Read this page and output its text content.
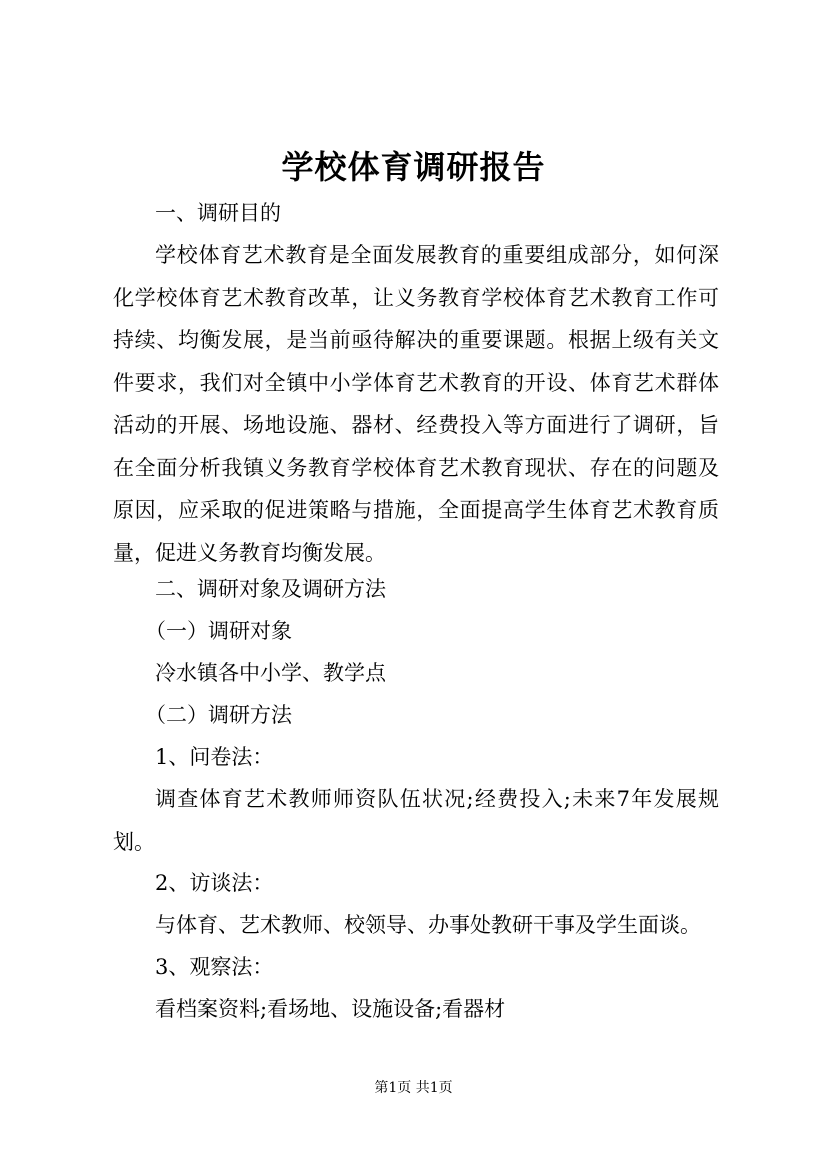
学校体育调研报告
一、调研目的
学校体育艺术教育是全面发展教育的重要组成部分，如何深化学校体育艺术教育改革，让义务教育学校体育艺术教育工作可持续、均衡发展，是当前亟待解决的重要课题。根据上级有关文件要求，我们对全镇中小学体育艺术教育的开设、体育艺术群体活动的开展、场地设施、器材、经费投入等方面进行了调研，旨在全面分析我镇义务教育学校体育艺术教育现状、存在的问题及原因，应采取的促进策略与措施，全面提高学生体育艺术教育质量，促进义务教育均衡发展。
二、调研对象及调研方法
（一）调研对象
冷水镇各中小学、教学点
（二）调研方法
1、问卷法：
调查体育艺术教师师资队伍状况;经费投入;未来7年发展规划。
2、访谈法：
与体育、艺术教师、校领导、办事处教研干事及学生面谈。
3、观察法：
看档案资料;看场地、设施设备;看器材
第1页 共1页
